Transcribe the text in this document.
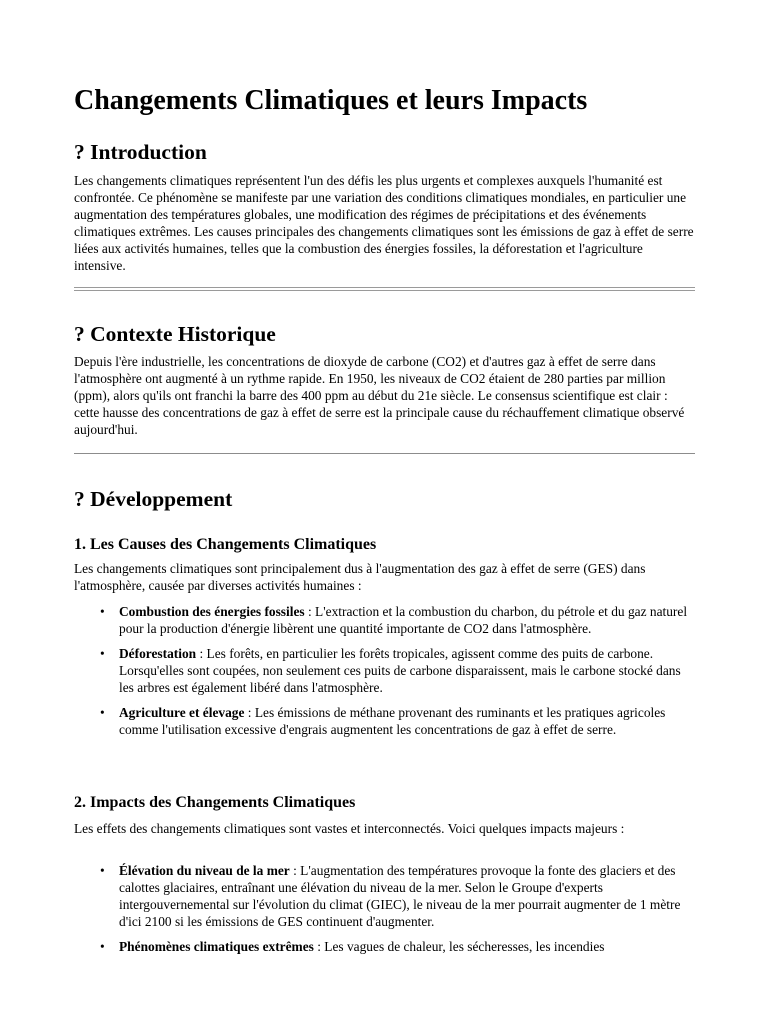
Changements Climatiques et leurs Impacts
? Introduction

Les changements climatiques représentent l'un des défis les plus urgents et complexes auxquels l'humanité est confrontée. Ce phénomène se manifeste par une variation des conditions climatiques mondiales, en particulier une augmentation des températures globales, une modification des régimes de précipitations et des événements climatiques extrêmes. Les causes principales des changements climatiques sont les émissions de gaz à effet de serre liées aux activités humaines, telles que la combustion des énergies fossiles, la déforestation et l'agriculture intensive.

? Contexte Historique

Depuis l'ère industrielle, les concentrations de dioxyde de carbone (CO2) et d'autres gaz à effet de serre dans l'atmosphère ont augmenté à un rythme rapide. En 1950, les niveaux de CO2 étaient de 280 parties par million (ppm), alors qu'ils ont franchi la barre des 400 ppm au début du 21e siècle. Le consensus scientifique est clair : cette hausse des concentrations de gaz à effet de serre est la principale cause du réchauffement climatique observé aujourd'hui.

? Développement
1. Les Causes des Changements Climatiques

Les changements climatiques sont principalement dus à l'augmentation des gaz à effet de serre (GES) dans l'atmosphère, causée par diverses activités humaines :

• Combustion des énergies fossiles : L'extraction et la combustion du charbon, du pétrole et du gaz naturel pour la production d'énergie libèrent une quantité importante de CO2 dans l'atmosphère.
• Déforestation : Les forêts, en particulier les forêts tropicales, agissent comme des puits de carbone. Lorsqu'elles sont coupées, non seulement ces puits de carbone disparaissent, mais le carbone stocké dans les arbres est également libéré dans l'atmosphère.
• Agriculture et élevage : Les émissions de méthane provenant des ruminants et les pratiques agricoles comme l'utilisation excessive d'engrais augmentent les concentrations de gaz à effet de serre.
2. Impacts des Changements Climatiques

Les effets des changements climatiques sont vastes et interconnectés. Voici quelques impacts majeurs :

• Élévation du niveau de la mer : L'augmentation des températures provoque la fonte des glaciers et des calottes glaciaires, entraînant une élévation du niveau de la mer. Selon le Groupe d'experts intergouvernemental sur l'évolution du climat (GIEC), le niveau de la mer pourrait augmenter de 1 mètre d'ici 2100 si les émissions de GES continuent d'augmenter.
• Phénomènes climatiques extrêmes : Les vagues de chaleur, les sécheresses, les incendies
